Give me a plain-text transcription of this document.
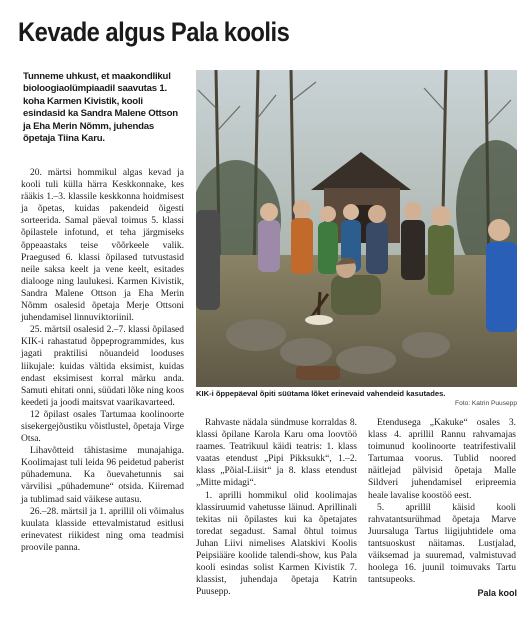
Kevade algus Pala koolis

Tunneme uhkust, et maakondlikul bioloogiaolümpiaadil saavutas 1. koha Karmen Kivistik, kooli esindasid ka Sandra Malene Ottson ja Eha Merin Nõmm, juhendas õpetaja Tiina Karu.

20. märtsi hommikul algas kevad ja kooli tuli külla härra Keskkonnake, kes rääkis 1.–3. klassile keskkonna hoidmisest ja õpetas, kuidas pakendeid õigesti sorteerida. Samal päeval toimus 5. klassi õpilastele infotund, et teha järgmiseks õppeaastaks teise võõrkeele valik. Praegused 6. klassi õpilased tutvustasid neile saksa keelt ja vene keelt, esitades dialooge ning laulukesi. Karmen Kivistik, Sandra Malene Ottson ja Eha Merin Nõmm osalesid õpetaja Merje Ottsoni juhendamisel linnuviktoriinil.

25. märtsil osalesid 2.–7. klassi õpilased KIK-i rahastatud õppeprogrammides, kus jagati praktilisi nõuandeid looduses liikujale: kuidas vältida eksimist, kuidas endast eksimisest korral märku anda. Samuti ehitati onni, süüdati lõke ning koos keedeti ja joodi maitsvat vaarikavarteed.

12 õpilast osales Tartumaa koolinoorte sisekergejõustiku võistlustel, õpetaja Virge Otsa.

Lihavõtteid tähistasime munajahiga. Koolimajast tuli leida 96 peidetud paberist pühademuna. Ka õuevahetunnis sai värvilisi „pühademune“ otsida. Kiiremad ja tublimad said väikese autasu.

26.–28. märtsil ja 1. aprillil oli võimalus kuulata klasside ettevalmistatud esitlusi erinevatest riikidest ning oma teadmisi proovile panna.

KIK-i õppepäeval õpiti süütama lõket erinevaid vahendeid kasutades.

Foto: Katrin Puusepp

Rahvaste nädala sündmuse korraldas 8. klassi õpilane Karola Karu oma loovtöö raames. Teatrikuul käidi teatris: 1. klass vaatas etendust „Pipi Pikksukk“, 1.–2. klass „Põial-Liisit“ ja 8. klass etendust „Mitte midagi“.

1. aprilli hommikul olid koolimajas klassiruumid vahetusse läinud. Aprillinali tekitas nii õpilastes kui ka õpetajates toredat segadust. Samal õhtul toimus Juhan Liivi nimelises Alatskivi Koolis Peipsiääre koolide talendi-show, kus Pala kooli esindas solist Karmen Kivistik 7. klassist, juhendaja õpetaja Katrin Puusepp.

Etendusega „Kakuke“ osales 3. klass 4. aprillil Rannu rahvamajas toimunud koolinoorte teatrifestivalil Tartumaa voorus. Tublid noored näitlejad pälvisid õpetaja Malle Sildveri juhendamisel eripreemia heale lavalise koostöö eest.

5. aprillil käisid kooli rahvatantsurühmad õpetaja Marve Juursaluga Tartus liigijuhtidele oma tantsuoskust näitamas. Lustjalad, väiksemad ja suuremad, valmistuvad hoolega 16. juunil toimuvaks Tartu tantsupeoks.

Pala kool
